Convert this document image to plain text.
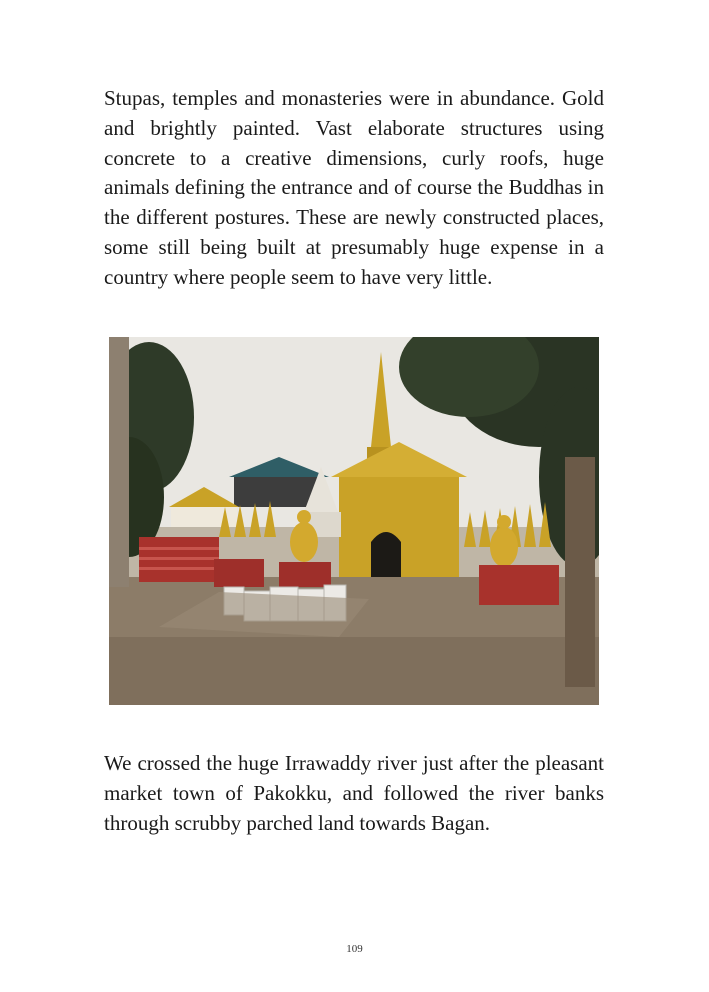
Stupas, temples and monasteries were in abundance. Gold and brightly painted. Vast elaborate structures using concrete to a creative dimensions, curly roofs, huge animals defining the entrance and of course the Buddhas in the different postures. These are newly constructed places, some still being built at presumably huge expense in a country where people seem to have very little.

We crossed the huge Irrawaddy river just after the pleasant market town of Pakokku, and followed the river banks through scrubby parched land towards Bagan.

109
